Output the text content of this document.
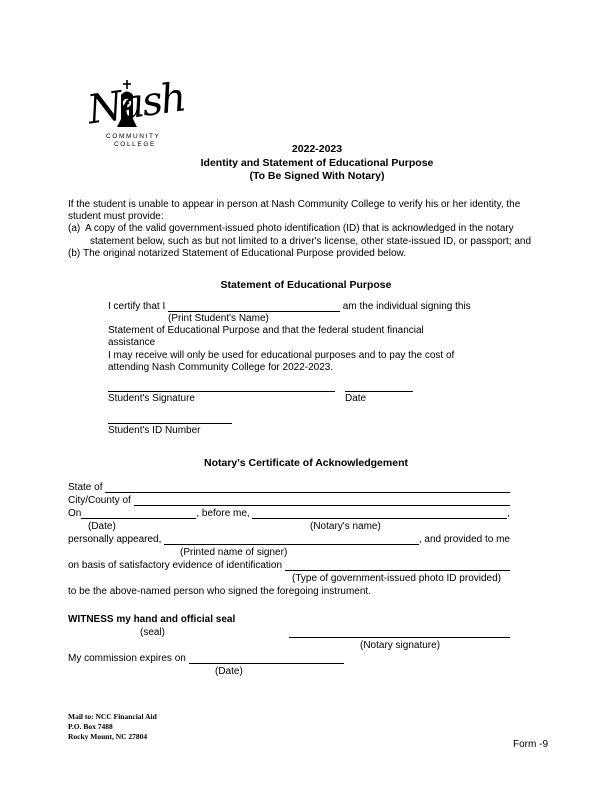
Nash
COMMUNITY
COLLEGE	2022-2023
Identity and Statement of Educational Purpose
(To Be Signed With Notary)
If the student is unable to appear in person at Nash Community College to verify his or her identity, the
student must provide:
(a) A copy of the valid government-issued photo identification (ID) that is acknowledged in the notary
statement below, such as but not limited to a driver's license, other state-issued ID, or passport; and
(b) The original notarized Statement of Educational Purpose provided below.
Statement of Educational Purpose
I certify that I	am the individual signing this
(Print Student's Name)
Statement of Educational Purpose and that the federal student financial assistance
I may receive will only be used for educational purposes and to pay the cost of
attending Nash Community College for 2022-2023.
Student's Signature	Date
Student's ID Number
Notary's Certificate of Acknowledgement
State of
City/County of
On	, before me,	,
(Date)	(Notary's name)
personally appeared,	, and provided to me
(Printed name of signer)
on basis of satisfactory evidence of identification
(Type of government-issued photo ID provided)
to be the above-named person who signed the foregoing instrument.
WITNESS my hand and official seal
(seal)
(Notary signature)
My commission expires on
(Date)
Mail to: NCC Financial Aid
P.O. Box 7488
Rocky Mount, NC 27804
Form -9
